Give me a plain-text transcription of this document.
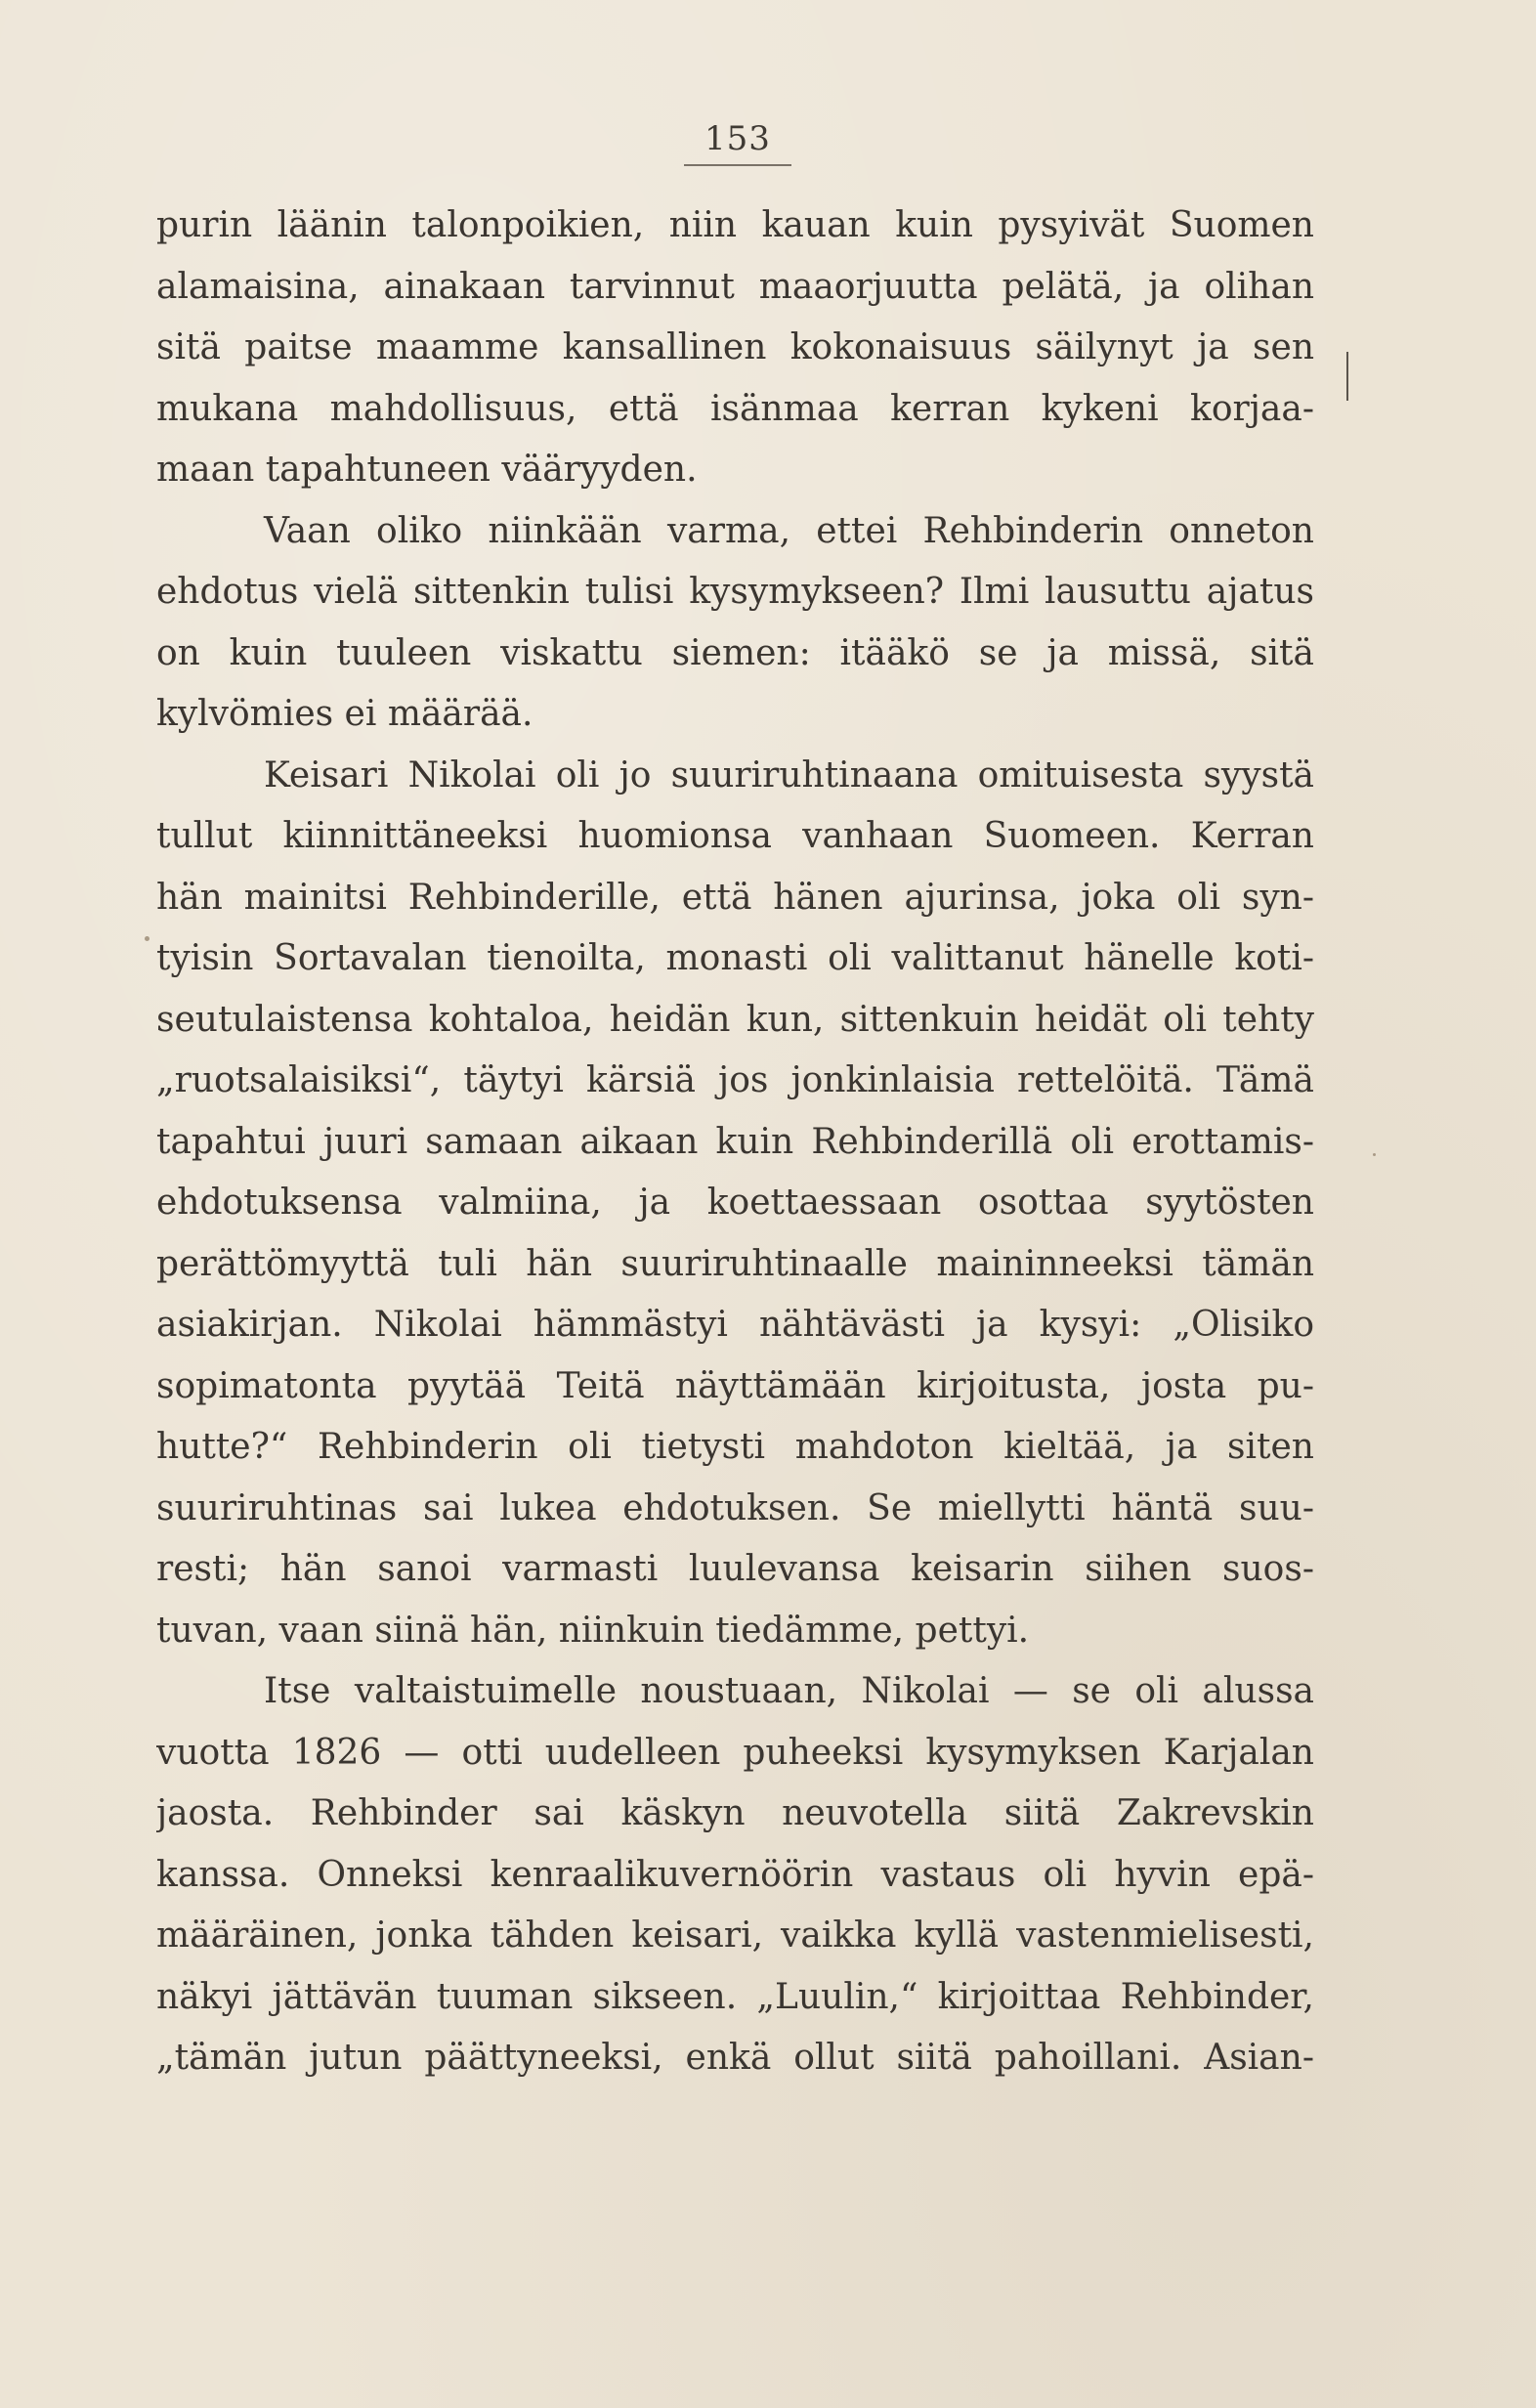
153
purin läänin talonpoikien, niin kauan kuin pysyivät Suomen
alamaisina, ainakaan tarvinnut maaorjuutta pelätä, ja olihan
sitä paitse maamme kansallinen kokonaisuus säilynyt ja sen
mukana mahdollisuus, että isänmaa kerran kykeni korjaa-
maan tapahtuneen vääryyden.
Vaan oliko niinkään varma, ettei Rehbinderin onneton
ehdotus vielä sittenkin tulisi kysymykseen? Ilmi lausuttu ajatus
on kuin tuuleen viskattu siemen: itääkö se ja missä, sitä
kylvömies ei määrää.
Keisari Nikolai oli jo suuriruhtinaana omituisesta syystä
tullut kiinnittäneeksi huomionsa vanhaan Suomeen. Kerran
hän mainitsi Rehbinderille, että hänen ajurinsa, joka oli syn-
tyisin Sortavalan tienoilta, monasti oli valittanut hänelle koti-
seutulaistensa kohtaloa, heidän kun, sittenkuin heidät oli tehty
„ruotsalaisiksi“, täytyi kärsiä jos jonkinlaisia rettelöitä. Tämä
tapahtui juuri samaan aikaan kuin Rehbinderillä oli erottamis-
ehdotuksensa valmiina, ja koettaessaan osottaa syytösten
perättömyyttä tuli hän suuriruhtinaalle maininneeksi tämän
asiakirjan. Nikolai hämmästyi nähtävästi ja kysyi: „Olisiko
sopimatonta pyytää Teitä näyttämään kirjoitusta, josta pu-
hutte?“ Rehbinderin oli tietysti mahdoton kieltää, ja siten
suuriruhtinas sai lukea ehdotuksen. Se miellytti häntä suu-
resti; hän sanoi varmasti luulevansa keisarin siihen suos-
tuvan, vaan siinä hän, niinkuin tiedämme, pettyi.
Itse valtaistuimelle noustuaan, Nikolai — se oli alussa
vuotta 1826 — otti uudelleen puheeksi kysymyksen Karjalan
jaosta. Rehbinder sai käskyn neuvotella siitä Zakrevskin
kanssa. Onneksi kenraalikuvernöörin vastaus oli hyvin epä-
määräinen, jonka tähden keisari, vaikka kyllä vastenmielisesti,
näkyi jättävän tuuman sikseen. „Luulin,“ kirjoittaa Rehbinder,
„tämän jutun päättyneeksi, enkä ollut siitä pahoillani. Asian-
